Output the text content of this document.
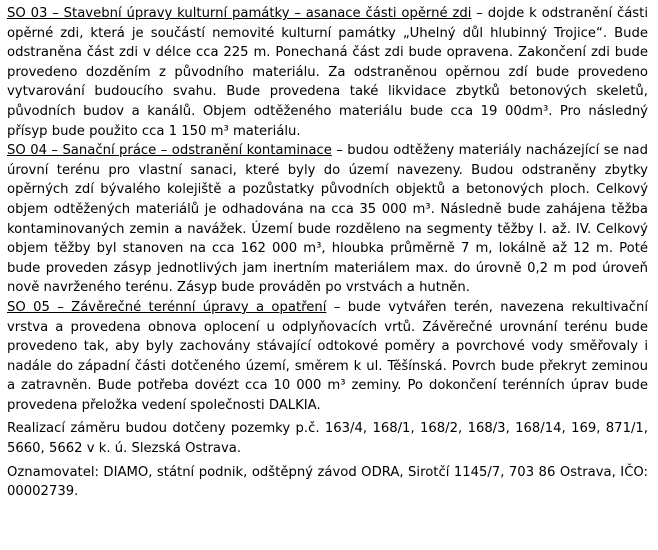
SO 03 – Stavební úpravy kulturní památky – asanace části opěrné zdi – dojde k odstranění části opěrné zdi, která je součástí nemovité kulturní památky „Uhelný důl hlubinný Trojice“. Bude odstraněna část zdi v délce cca 225 m. Ponechaná část zdi bude opravena. Zakončení zdi bude provedeno dozděním z původního materiálu. Za odstraněnou opěrnou zdí bude provedeno vytvarování budoucího svahu. Bude provedena také likvidace zbytků betonových skeletů, původních budov a kanálů. Objem odtěženého materiálu bude cca 19 00dm³. Pro následný přísyp bude použito cca 1 150 m³ materiálu.

SO 04 – Sanační práce – odstranění kontaminace – budou odtěženy materiály nacházející se nad úrovní terénu pro vlastní sanaci, které byly do území navezeny. Budou odstraněny zbytky opěrných zdí bývalého kolejiště a pozůstatky původních objektů a betonových ploch. Celkový objem odtěžených materiálů je odhadována na cca 35 000 m³. Následně bude zahájena těžba kontaminovaných zemin a navážek. Území bude rozděleno na segmenty těžby I. až. IV. Celkový objem těžby byl stanoven na cca 162 000 m³, hloubka průměrně 7 m, lokálně až 12 m. Poté bude proveden zásyp jednotlivých jam inertním materiálem max. do úrovně 0,2 m pod úroveň nově navrženého terénu. Zásyp bude prováděn po vrstvách a hutněn.

SO 05 – Závěrečné terénní úpravy a opatření – bude vytvářen terén, navezena rekultivační vrstva a provedena obnova oplocení u odplyňovacích vrtů. Závěrečné urovnání terénu bude provedeno tak, aby byly zachovány stávající odtokové poměry a povrchové vody směřovaly i nadále do západní části dotčeného území, směrem k ul. Těšínská. Povrch bude překryt zeminou a zatravněn. Bude potřeba dovézt cca 10 000 m³ zeminy. Po dokončení terénních úprav bude provedena přeložka vedení společnosti DALKIA.

Realizací záměru budou dotčeny pozemky p.č. 163/4, 168/1, 168/2, 168/3, 168/14, 169, 871/1, 5660, 5662 v k. ú. Slezská Ostrava.

Oznamovatel: DIAMO, státní podnik, odštěpný závod ODRA, Sirotčí 1145/7, 703 86 Ostrava, IČO: 00002739.
